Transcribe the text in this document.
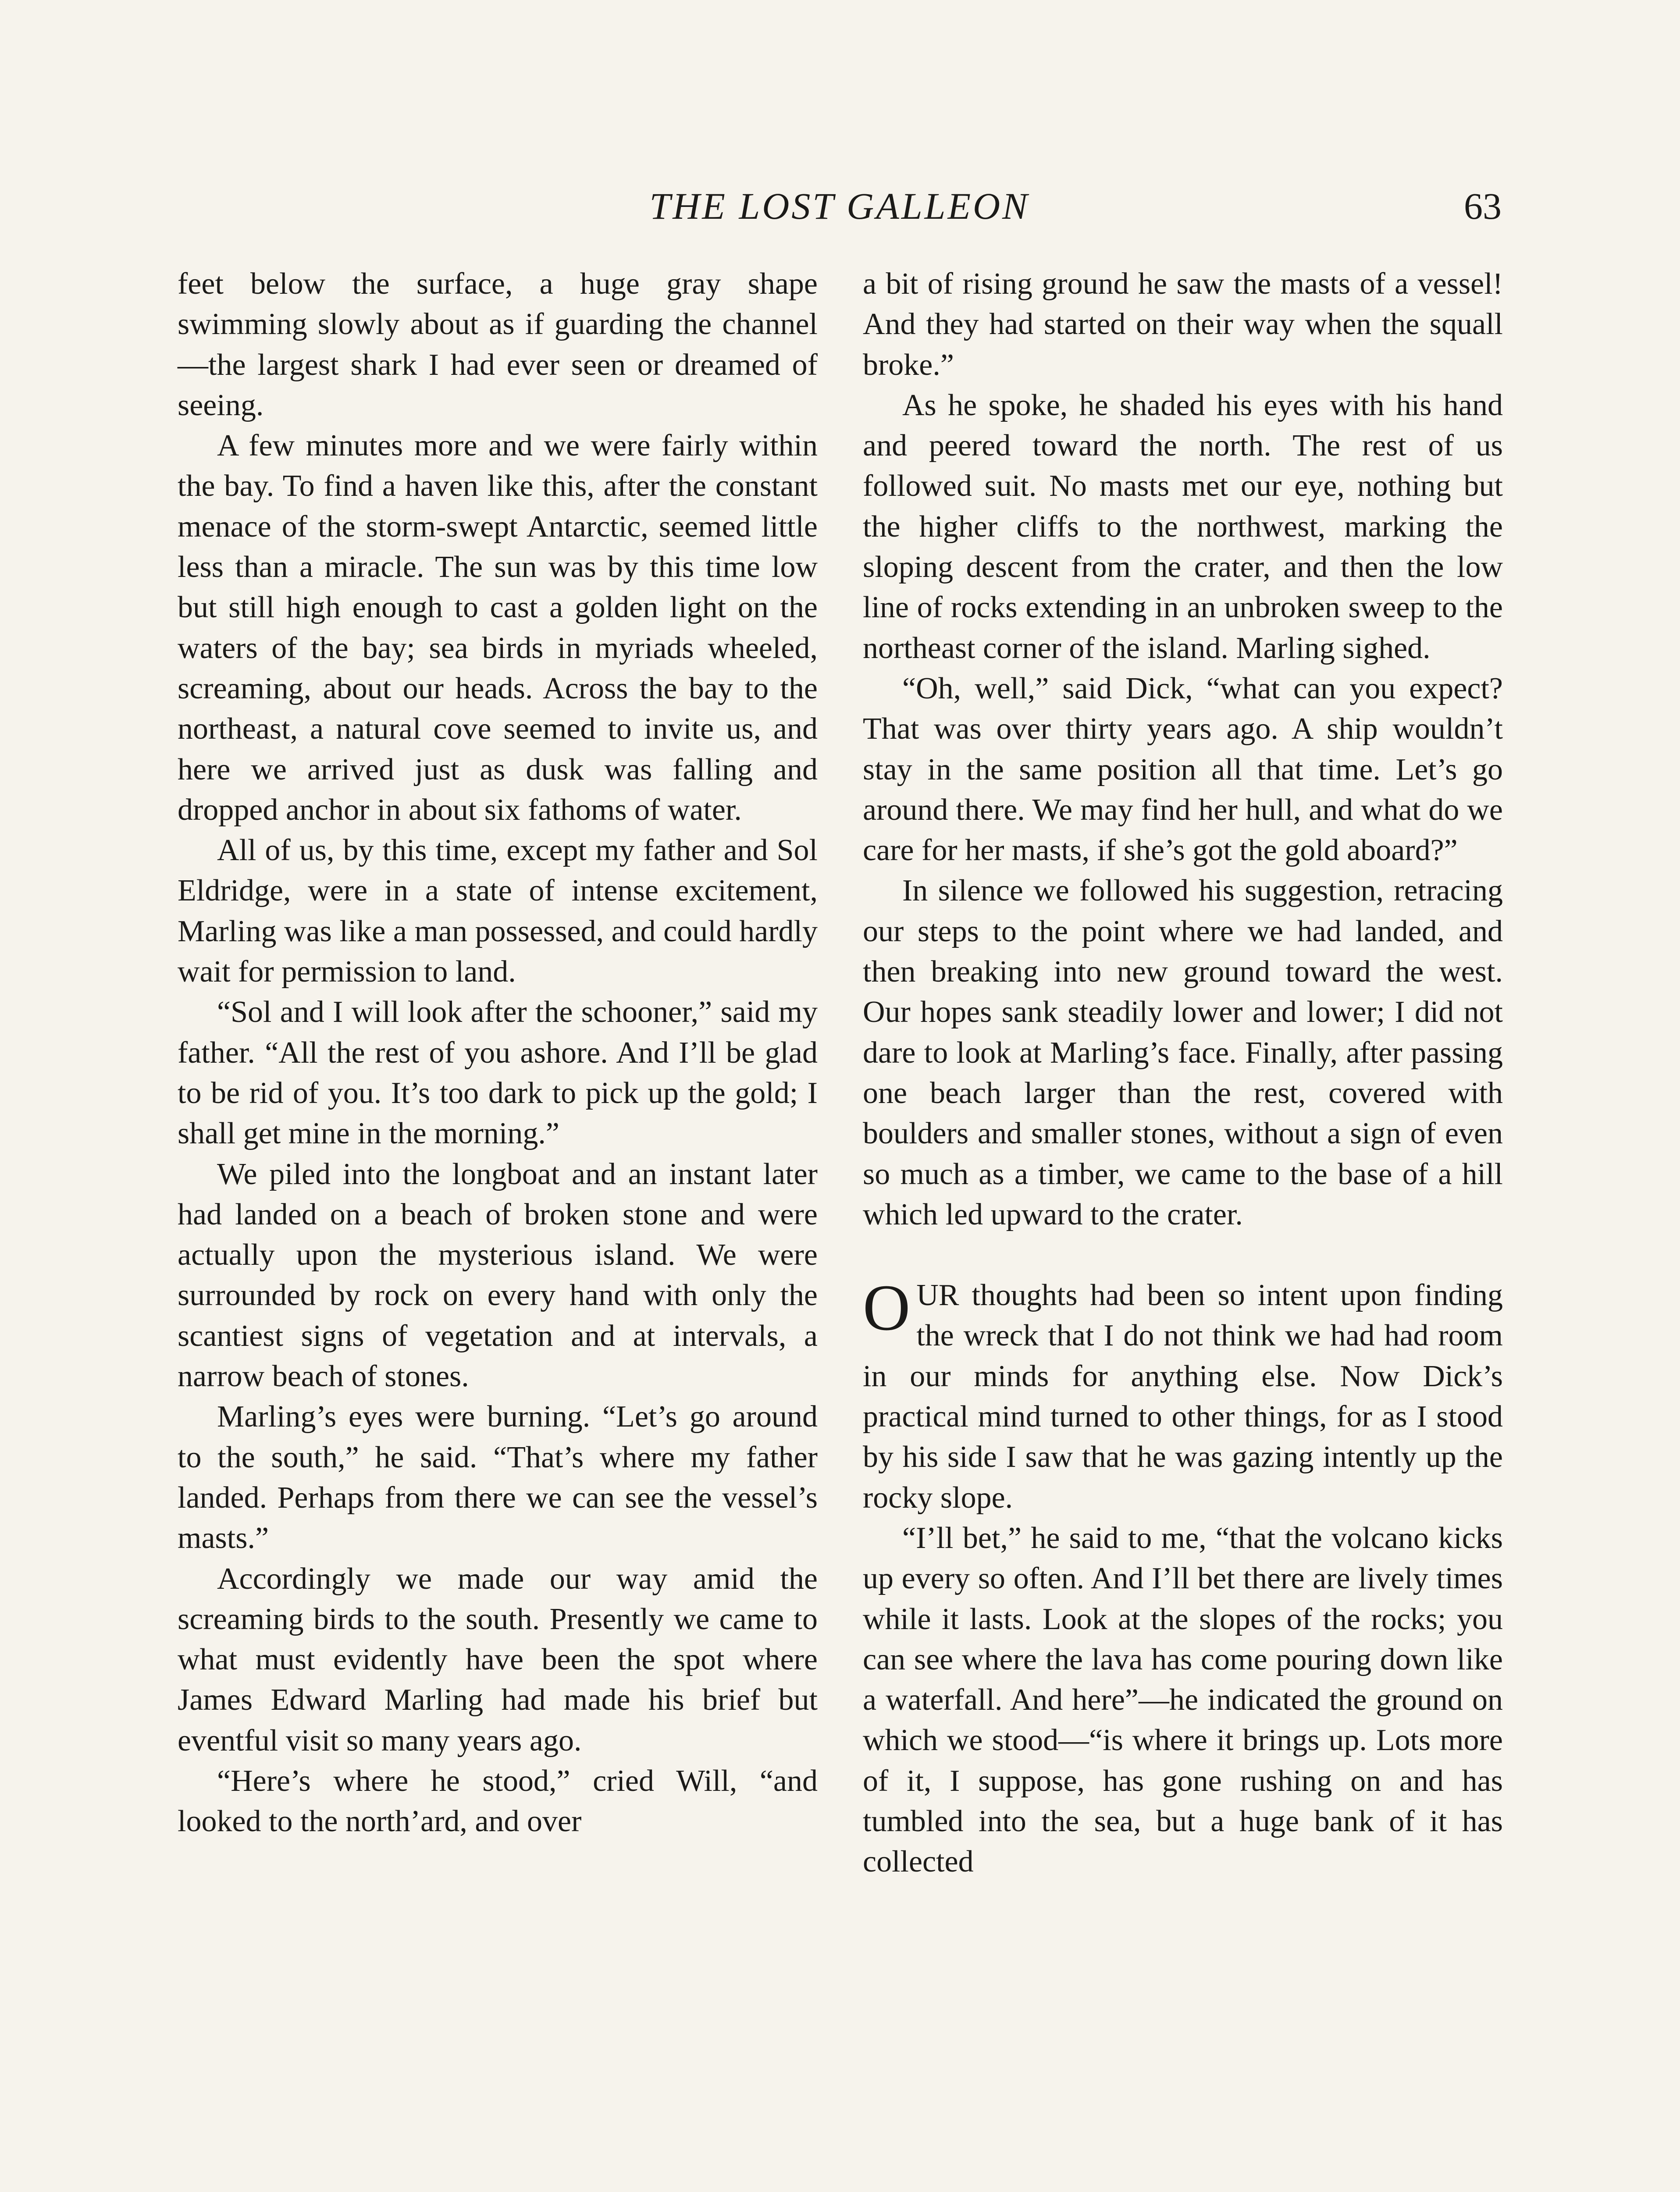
THE LOST GALLEON	63

feet below the surface, a huge gray shape swimming slowly about as if guarding the channel—the largest shark I had ever seen or dreamed of seeing.

A few minutes more and we were fairly within the bay. To find a haven like this, after the constant menace of the storm-swept Antarctic, seemed little less than a miracle. The sun was by this time low but still high enough to cast a golden light on the waters of the bay; sea birds in myriads wheeled, screaming, about our heads. Across the bay to the northeast, a natural cove seemed to invite us, and here we arrived just as dusk was falling and dropped anchor in about six fathoms of water.

All of us, by this time, except my father and Sol Eldridge, were in a state of intense excitement, Marling was like a man possessed, and could hardly wait for permission to land.

“Sol and I will look after the schooner,” said my father. “All the rest of you ashore. And I’ll be glad to be rid of you. It’s too dark to pick up the gold; I shall get mine in the morning.”

We piled into the longboat and an instant later had landed on a beach of broken stone and were actually upon the mysterious island. We were surrounded by rock on every hand with only the scantiest signs of vegetation and at intervals, a narrow beach of stones.

Marling’s eyes were burning. “Let’s go around to the south,” he said. “That’s where my father landed. Perhaps from there we can see the vessel’s masts.”

Accordingly we made our way amid the screaming birds to the south. Presently we came to what must evidently have been the spot where James Edward Marling had made his brief but eventful visit so many years ago.

“Here’s where he stood,” cried Will, “and looked to the north’ard, and over

a bit of rising ground he saw the masts of a vessel! And they had started on their way when the squall broke.”

As he spoke, he shaded his eyes with his hand and peered toward the north. The rest of us followed suit. No masts met our eye, nothing but the higher cliffs to the northwest, marking the sloping descent from the crater, and then the low line of rocks extending in an unbroken sweep to the northeast corner of the island. Marling sighed.

“Oh, well,” said Dick, “what can you expect? That was over thirty years ago. A ship wouldn’t stay in the same position all that time. Let’s go around there. We may find her hull, and what do we care for her masts, if she’s got the gold aboard?”

In silence we followed his suggestion, retracing our steps to the point where we had landed, and then breaking into new ground toward the west. Our hopes sank steadily lower and lower; I did not dare to look at Marling’s face. Finally, after passing one beach larger than the rest, covered with boulders and smaller stones, without a sign of even so much as a timber, we came to the base of a hill which led upward to the crater.

OUR thoughts had been so intent upon finding the wreck that I do not think we had had room in our minds for anything else. Now Dick’s practical mind turned to other things, for as I stood by his side I saw that he was gazing intently up the rocky slope.

“I’ll bet,” he said to me, “that the volcano kicks up every so often. And I’ll bet there are lively times while it lasts. Look at the slopes of the rocks; you can see where the lava has come pouring down like a waterfall. And here”—he indicated the ground on which we stood—“is where it brings up. Lots more of it, I suppose, has gone rushing on and has tumbled into the sea, but a huge bank of it has collected
